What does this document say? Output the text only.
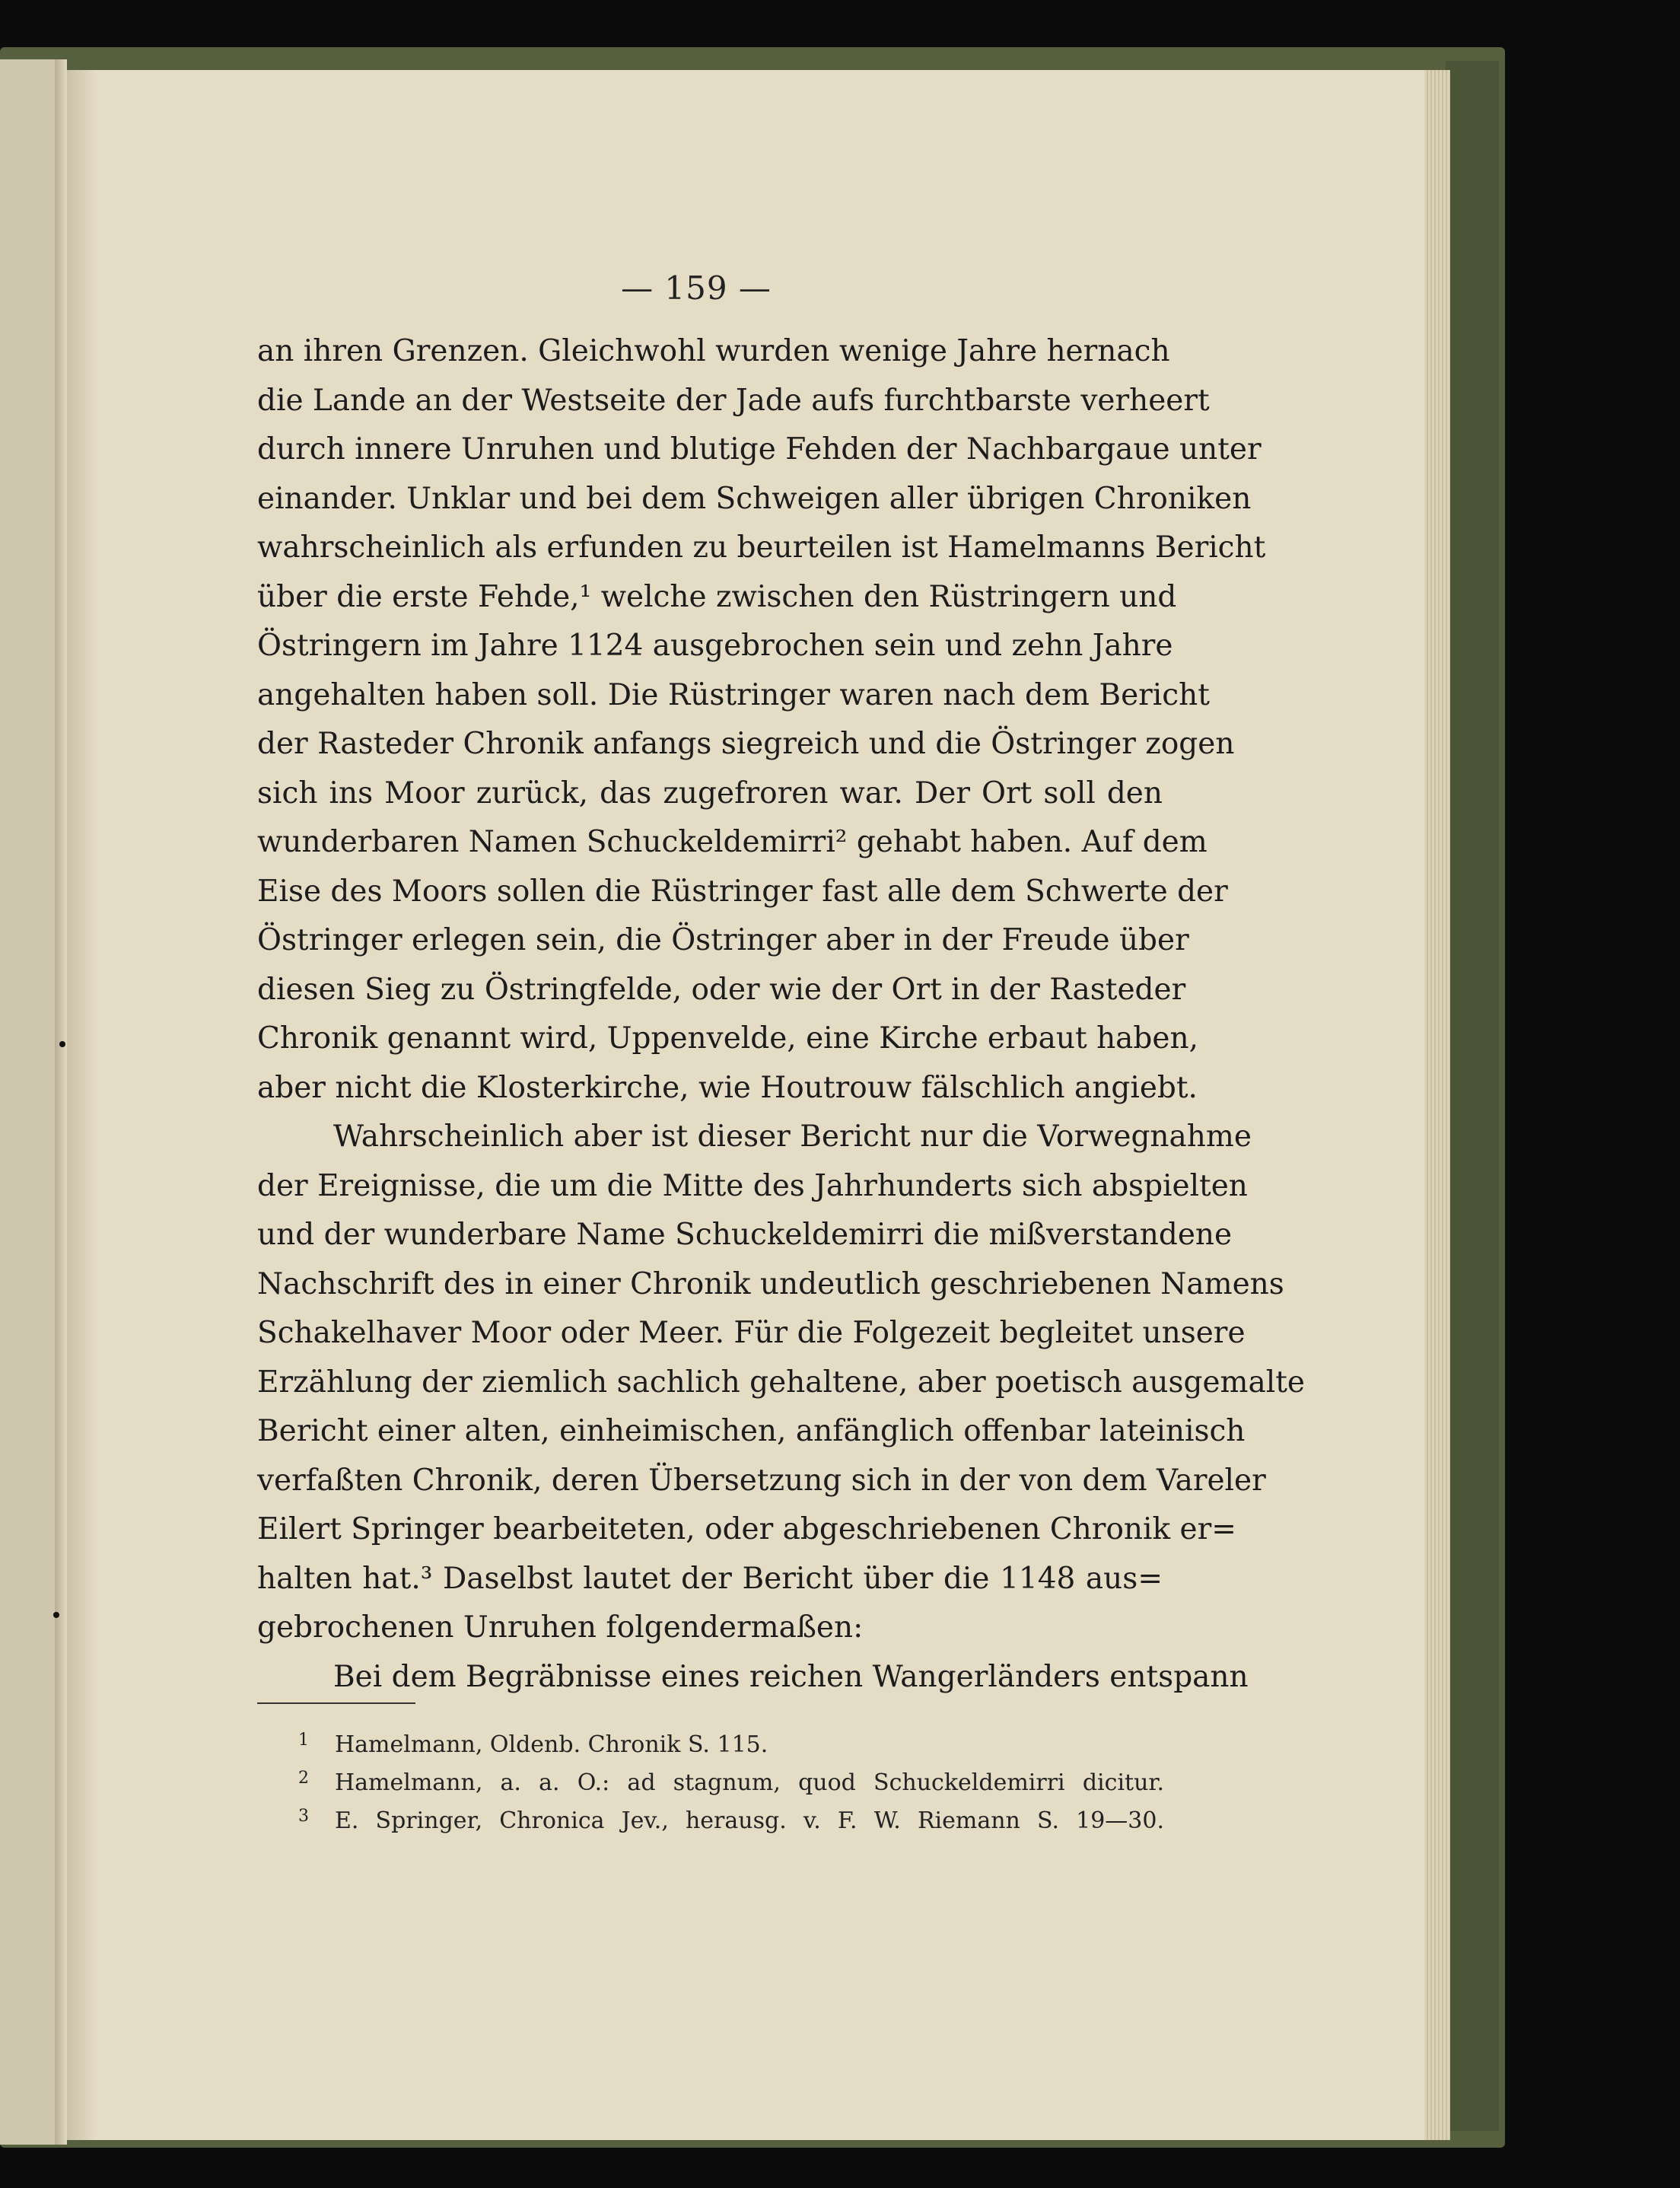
— 159 —
an ihren Grenzen. Gleichwohl wurden wenige Jahre hernach
die Lande an der Westseite der Jade aufs furchtbarste verheert
durch innere Unruhen und blutige Fehden der Nachbargaue unter
einander. Unklar und bei dem Schweigen aller übrigen Chroniken
wahrscheinlich als erfunden zu beurteilen ist Hamelmanns Bericht
über die erste Fehde,¹ welche zwischen den Rüstringern und
Östringern im Jahre 1124 ausgebrochen sein und zehn Jahre
angehalten haben soll. Die Rüstringer waren nach dem Bericht
der Rasteder Chronik anfangs siegreich und die Östringer zogen
sich ins Moor zurück, das zugefroren war. Der Ort soll den
wunderbaren Namen Schuckeldemirri² gehabt haben. Auf dem
Eise des Moors sollen die Rüstringer fast alle dem Schwerte der
Östringer erlegen sein, die Östringer aber in der Freude über
diesen Sieg zu Östringfelde, oder wie der Ort in der Rasteder
Chronik genannt wird, Uppenvelde, eine Kirche erbaut haben,
aber nicht die Klosterkirche, wie Houtrouw fälschlich angiebt.
Wahrscheinlich aber ist dieser Bericht nur die Vorwegnahme
der Ereignisse, die um die Mitte des Jahrhunderts sich abspielten
und der wunderbare Name Schuckeldemirri die mißverstandene
Nachschrift des in einer Chronik undeutlich geschriebenen Namens
Schakelhaver Moor oder Meer. Für die Folgezeit begleitet unsere
Erzählung der ziemlich sachlich gehaltene, aber poetisch ausgemalte
Bericht einer alten, einheimischen, anfänglich offenbar lateinisch
verfaßten Chronik, deren Übersetzung sich in der von dem Vareler
Eilert Springer bearbeiteten, oder abgeschriebenen Chronik er=
halten hat.³ Daselbst lautet der Bericht über die 1148 aus=
gebrochenen Unruhen folgendermaßen:
Bei dem Begräbnisse eines reichen Wangerländers entspann
1 Hamelmann, Oldenb. Chronik S. 115.
2 Hamelmann, a. a. O.: ad stagnum, quod Schuckeldemirri dicitur.
3 E. Springer, Chronica Jev., herausg. v. F. W. Riemann S. 19—30.
